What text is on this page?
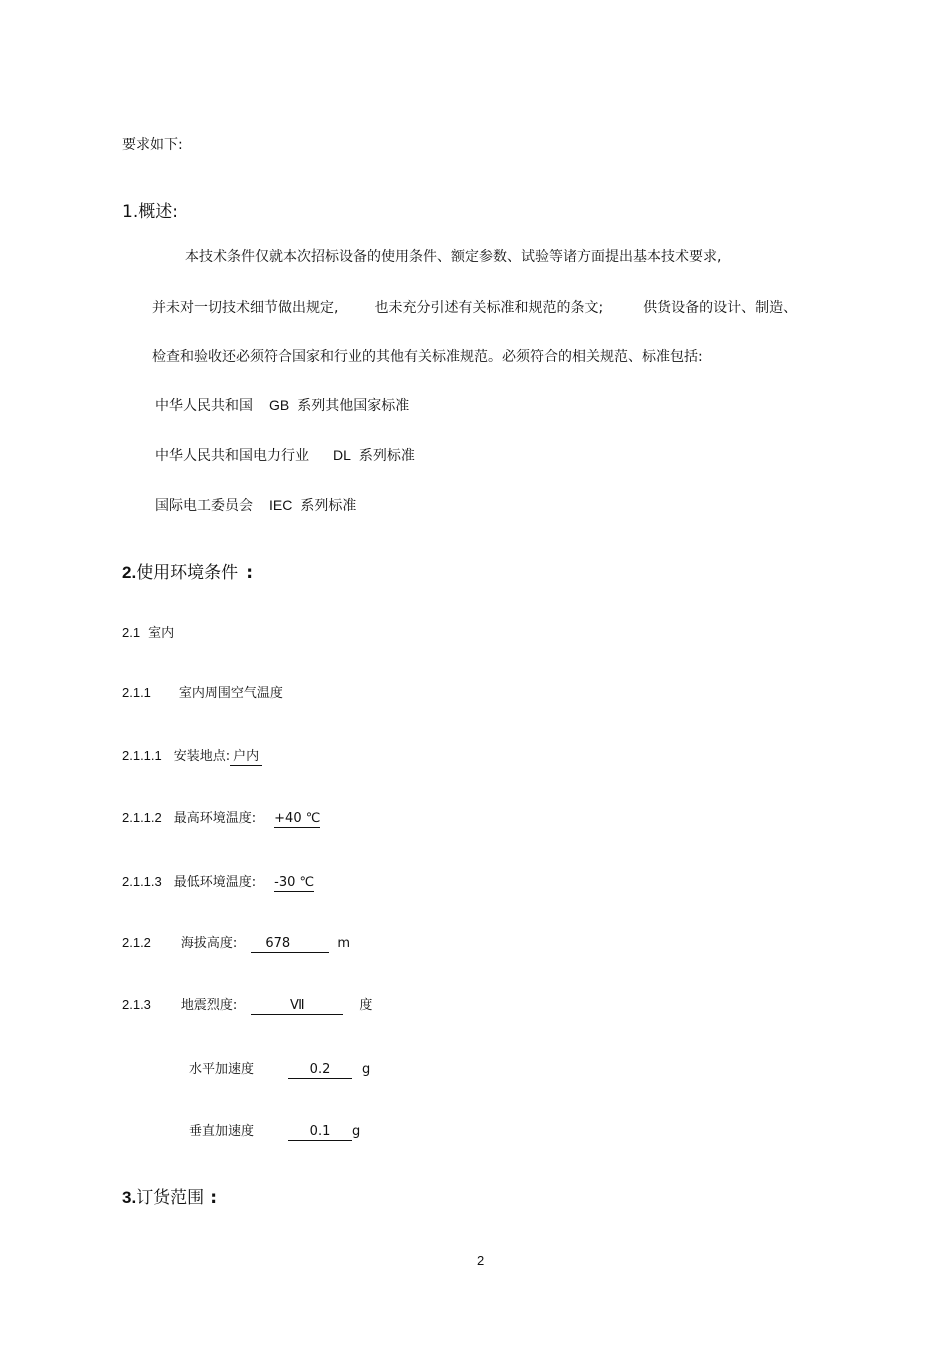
要求如下:
1.概述:
本技术条件仅就本次招标设备的使用条件、额定参数、试验等诸方面提出基本技术要求,
并未对一切技术细节做出规定,	也未充分引述有关标准和规范的条文;	供货设备的设计、制造、
检查和验收还必须符合国家和行业的其他有关标准规范。必须符合的相关规范、标准包括:
中华人民共和国 GB 系列其他国家标准
中华人民共和国电力行业 DL 系列标准
国际电工委员会 IEC 系列标准
2.使用环境条件 :
2.1 室内
2.1.1 室内周围空气温度
2.1.1.1 安装地点: 户内
2.1.1.2 最高环境温度: +40 ℃
2.1.1.3 最低环境温度: -30 ℃
2.1.2 海拔高度: 678	m
2.1.3 地震烈度:	Ⅶ	度
水平加速度	0.2 g
垂直加速度	0.1 g
3.订货范围 :
2
